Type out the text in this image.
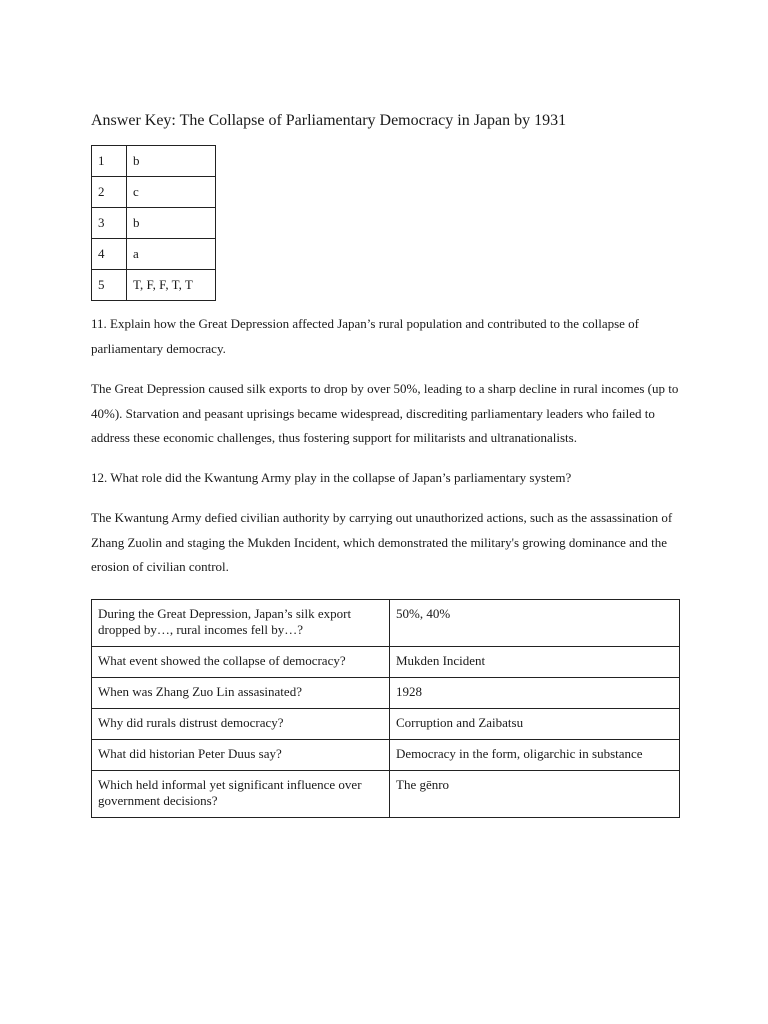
Answer Key: The Collapse of Parliamentary Democracy in Japan by 1931
1	b
2	c
3	b
4	a
5	T, F, F, T, T

11. Explain how the Great Depression affected Japan’s rural population and contributed to the collapse of parliamentary democracy.

The Great Depression caused silk exports to drop by over 50%, leading to a sharp decline in rural incomes (up to 40%). Starvation and peasant uprisings became widespread, discrediting parliamentary leaders who failed to address these economic challenges, thus fostering support for militarists and ultranationalists.

12. What role did the Kwantung Army play in the collapse of Japan’s parliamentary system?

The Kwantung Army defied civilian authority by carrying out unauthorized actions, such as the assassination of Zhang Zuolin and staging the Mukden Incident, which demonstrated the military's growing dominance and the erosion of civilian control.

During the Great Depression, Japan’s silk export dropped by…, rural incomes fell by…?	50%, 40%
What event showed the collapse of democracy?	Mukden Incident
When was Zhang Zuo Lin assasinated?	1928
Why did rurals distrust democracy?	Corruption and Zaibatsu
What did historian Peter Duus say?	Democracy in the form, oligarchic in substance
Which held informal yet significant influence over government decisions?	The gēnro
